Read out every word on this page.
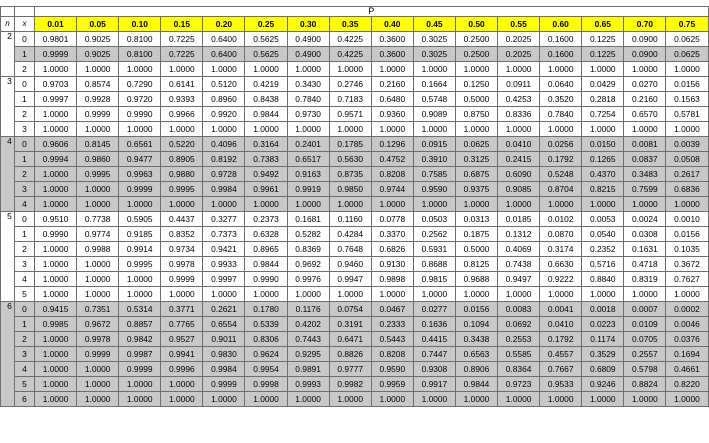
		P															
n	x	0.01	0.05	0.10	0.15	0.20	0.25	0.30	0.35	0.40	0.45	0.50	0.55	0.60	0.65	0.70	0.75
2	0	0.9801	0.9025	0.8100	0.7225	0.6400	0.5625	0.4900	0.4225	0.3600	0.3025	0.2500	0.2025	0.1600	0.1225	0.0900	0.0625
	1	0.9999	0.9025	0.8100	0.7225	0.6400	0.5625	0.4900	0.4225	0.3600	0.3025	0.2500	0.2025	0.1600	0.1225	0.0900	0.0625
	2	1.0000	1.0000	1.0000	1.0000	1.0000	1.0000	1.0000	1.0000	1.0000	1.0000	1.0000	1.0000	1.0000	1.0000	1.0000	1.0000
3	0	0.9703	0.8574	0.7290	0.6141	0.5120	0.4219	0.3430	0.2746	0.2160	0.1664	0.1250	0.0911	0.0640	0.0429	0.0270	0.0156
	1	0.9997	0.9928	0.9720	0.9393	0.8960	0.8438	0.7840	0.7183	0.6480	0.5748	0.5000	0.4253	0.3520	0.2818	0.2160	0.1563
	2	1.0000	0.9999	0.9990	0.9966	0.9920	0.9844	0.9730	0.9571	0.9360	0.9089	0.8750	0.8336	0.7840	0.7254	0.6570	0.5781
	3	1.0000	1.0000	1.0000	1.0000	1.0000	1.0000	1.0000	1.0000	1.0000	1.0000	1.0000	1.0000	1.0000	1.0000	1.0000	1.0000
4	0	0.9606	0.8145	0.6561	0.5220	0.4096	0.3164	0.2401	0.1785	0.1296	0.0915	0.0625	0.0410	0.0256	0.0150	0.0081	0.0039
	1	0.9994	0.9860	0.9477	0.8905	0.8192	0.7383	0.6517	0.5630	0.4752	0.3910	0.3125	0.2415	0.1792	0.1265	0.0837	0.0508
	2	1.0000	0.9995	0.9963	0.9880	0.9728	0.9492	0.9163	0.8735	0.8208	0.7585	0.6875	0.6090	0.5248	0.4370	0.3483	0.2617
	3	1.0000	1.0000	0.9999	0.9995	0.9984	0.9961	0.9919	0.9850	0.9744	0.9590	0.9375	0.9085	0.8704	0.8215	0.7599	0.6836
	4	1.0000	1.0000	1.0000	1.0000	1.0000	1.0000	1.0000	1.0000	1.0000	1.0000	1.0000	1.0000	1.0000	1.0000	1.0000	1.0000
5	0	0.9510	0.7738	0.5905	0.4437	0.3277	0.2373	0.1681	0.1160	0.0778	0.0503	0.0313	0.0185	0.0102	0.0053	0.0024	0.0010
	1	0.9990	0.9774	0.9185	0.8352	0.7373	0.6328	0.5282	0.4284	0.3370	0.2562	0.1875	0.1312	0.0870	0.0540	0.0308	0.0156
	2	1.0000	0.9988	0.9914	0.9734	0.9421	0.8965	0.8369	0.7648	0.6826	0.5931	0.5000	0.4069	0.3174	0.2352	0.1631	0.1035
	3	1.0000	1.0000	0.9995	0.9978	0.9933	0.9844	0.9692	0.9460	0.9130	0.8688	0.8125	0.7438	0.6630	0.5716	0.4718	0.3672
	4	1.0000	1.0000	1.0000	0.9999	0.9997	0.9990	0.9976	0.9947	0.9898	0.9815	0.9688	0.9497	0.9222	0.8840	0.8319	0.7627
	5	1.0000	1.0000	1.0000	1.0000	1.0000	1.0000	1.0000	1.0000	1.0000	1.0000	1.0000	1.0000	1.0000	1.0000	1.0000	1.0000
6	0	0.9415	0.7351	0.5314	0.3771	0.2621	0.1780	0.1176	0.0754	0.0467	0.0277	0.0156	0.0083	0.0041	0.0018	0.0007	0.0002
	1	0.9985	0.9672	0.8857	0.7765	0.6554	0.5339	0.4202	0.3191	0.2333	0.1636	0.1094	0.0692	0.0410	0.0223	0.0109	0.0046
	2	1.0000	0.9978	0.9842	0.9527	0.9011	0.8306	0.7443	0.6471	0.5443	0.4415	0.3438	0.2553	0.1792	0.1174	0.0705	0.0376
	3	1.0000	0.9999	0.9987	0.9941	0.9830	0.9624	0.9295	0.8826	0.8208	0.7447	0.6563	0.5585	0.4557	0.3529	0.2557	0.1694
	4	1.0000	1.0000	0.9999	0.9996	0.9984	0.9954	0.9891	0.9777	0.9590	0.9308	0.8906	0.8364	0.7667	0.6809	0.5798	0.4661
	5	1.0000	1.0000	1.0000	1.0000	0.9999	0.9998	0.9993	0.9982	0.9959	0.9917	0.9844	0.9723	0.9533	0.9246	0.8824	0.8220
	6	1.0000	1.0000	1.0000	1.0000	1.0000	1.0000	1.0000	1.0000	1.0000	1.0000	1.0000	1.0000	1.0000	1.0000	1.0000	1.0000
